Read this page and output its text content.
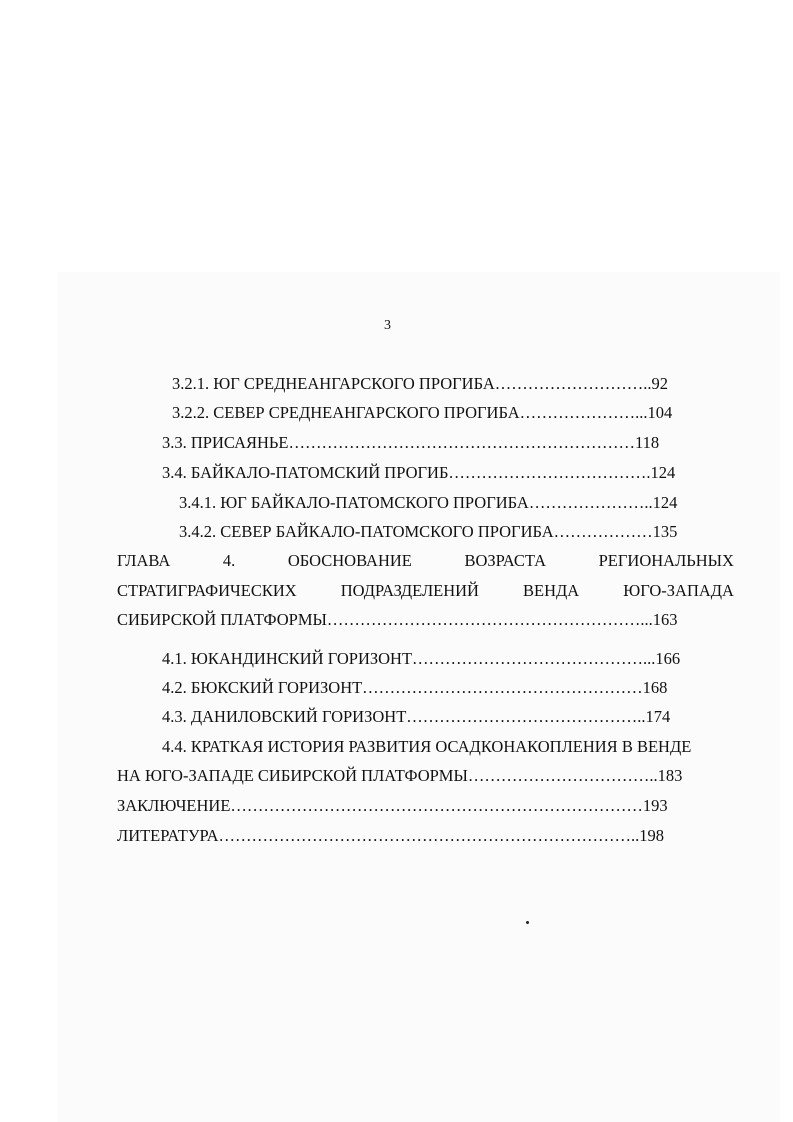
3
3.2.1. ЮГ СРЕДНЕАНГАРСКОГО ПРОГИБА………………………..92
3.2.2. СЕВЕР СРЕДНЕАНГАРСКОГО ПРОГИБА…………………...104
3.3. ПРИСАЯНЬЕ………………………………………………………118
3.4. БАЙКАЛО-ПАТОМСКИЙ ПРОГИБ……………………………….124
3.4.1. ЮГ БАЙКАЛО-ПАТОМСКОГО ПРОГИБА…………………..124
3.4.2. СЕВЕР БАЙКАЛО-ПАТОМСКОГО ПРОГИБА………………135
ГЛАВА	4.	ОБОСНОВАНИЕ	ВОЗРАСТА	РЕГИОНАЛЬНЫХ
СТРАТИГРАФИЧЕСКИХ	ПОДРАЗДЕЛЕНИЙ	ВЕНДА	ЮГО-ЗАПАДА
СИБИРСКОЙ ПЛАТФОРМЫ…………………………………………………...163
4.1. ЮКАНДИНСКИЙ ГОРИЗОНТ……………………………………...166
4.2. БЮКСКИЙ ГОРИЗОНТ……………………………………………168
4.3. ДАНИЛОВСКИЙ ГОРИЗОНТ……………………………………..174
4.4. КРАТКАЯ ИСТОРИЯ РАЗВИТИЯ ОСАДКОНАКОПЛЕНИЯ В ВЕНДЕ
НА ЮГО-ЗАПАДЕ СИБИРСКОЙ ПЛАТФОРМЫ……………………………..183
ЗАКЛЮЧЕНИЕ…………………………………………………………………193
ЛИТЕРАТУРА…………………………………………………………………..198
